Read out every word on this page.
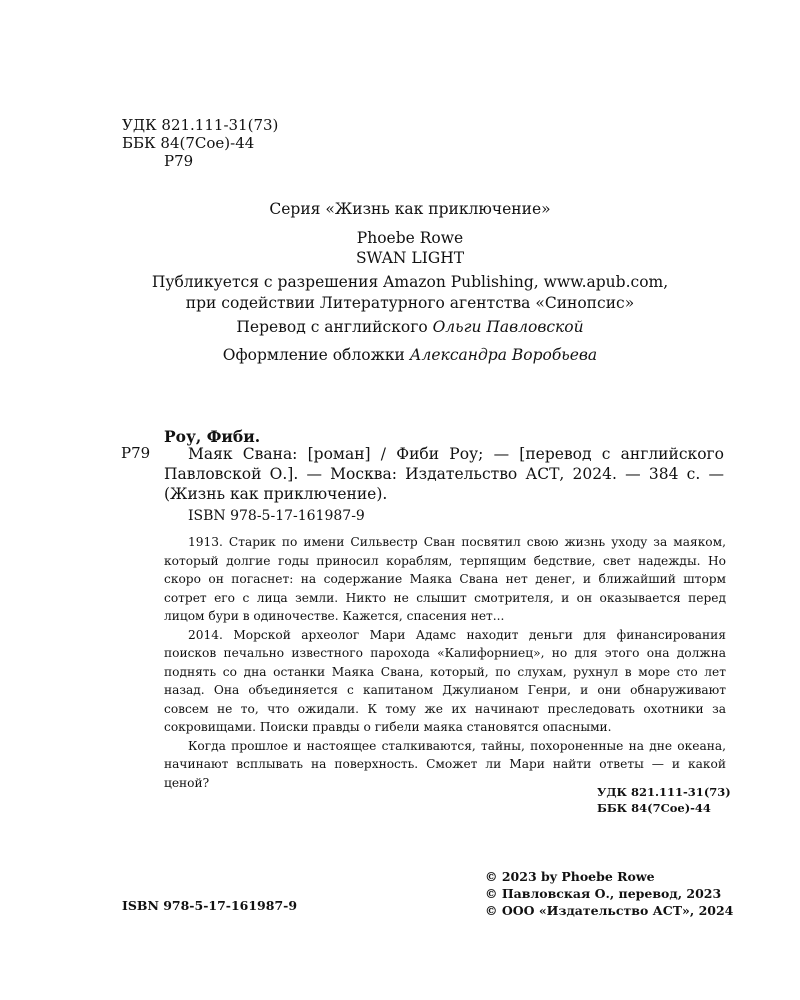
УДК 821.111-31(73)
ББК 84(7Сое)-44

Р79
Серия «Жизнь как приключение»
Phoebe Rowe
SWAN LIGHT
Публикуется с разрешения Amazon Publishing, www.apub.com,
при содействии Литературного агентства «Синопсис»
Перевод с английского Ольги Павловской
Оформление обложки Александра Воробьева
Роу, Фиби.
Р79	Маяк Свана: [роман] / Фиби Роу; — [перевод с английского Павловской О.]. — Москва: Издательство АСТ, 2024. — 384 с. — (Жизнь как приключение).

ISBN 978-5-17-161987-9

1913. Старик по имени Сильвестр Сван посвятил свою жизнь уходу за маяком, который долгие годы приносил кораблям, терпящим бедствие, свет надежды. Но скоро он погаснет: на содержание Маяка Свана нет денег, и ближайший шторм сотрет его с лица земли. Никто не слышит смотрителя, и он оказывается перед лицом бури в одиночестве. Кажется, спасения нет...

2014. Морской археолог Мари Адамс находит деньги для финансирования поисков печально известного парохода «Калифорниец», но для этого она должна поднять со дна останки Маяка Свана, который, по слухам, рухнул в море сто лет назад. Она объединяется с капитаном Джулианом Генри, и они обнаруживают совсем не то, что ожидали. К тому же их начинают преследовать охотники за сокровищами. Поиски правды о гибели маяка становятся опасными.

Когда прошлое и настоящее сталкиваются, тайны, похороненные на дне океана, начинают всплывать на поверхность. Сможет ли Мари найти ответы — и какой ценой?

УДК 821.111-31(73)
ББК 84(7Сое)-44
© 2023 by Phoebe Rowe
© Павловская О., перевод, 2023
© ООО «Издательство АСТ», 2024
ISBN 978-5-17-161987-9
